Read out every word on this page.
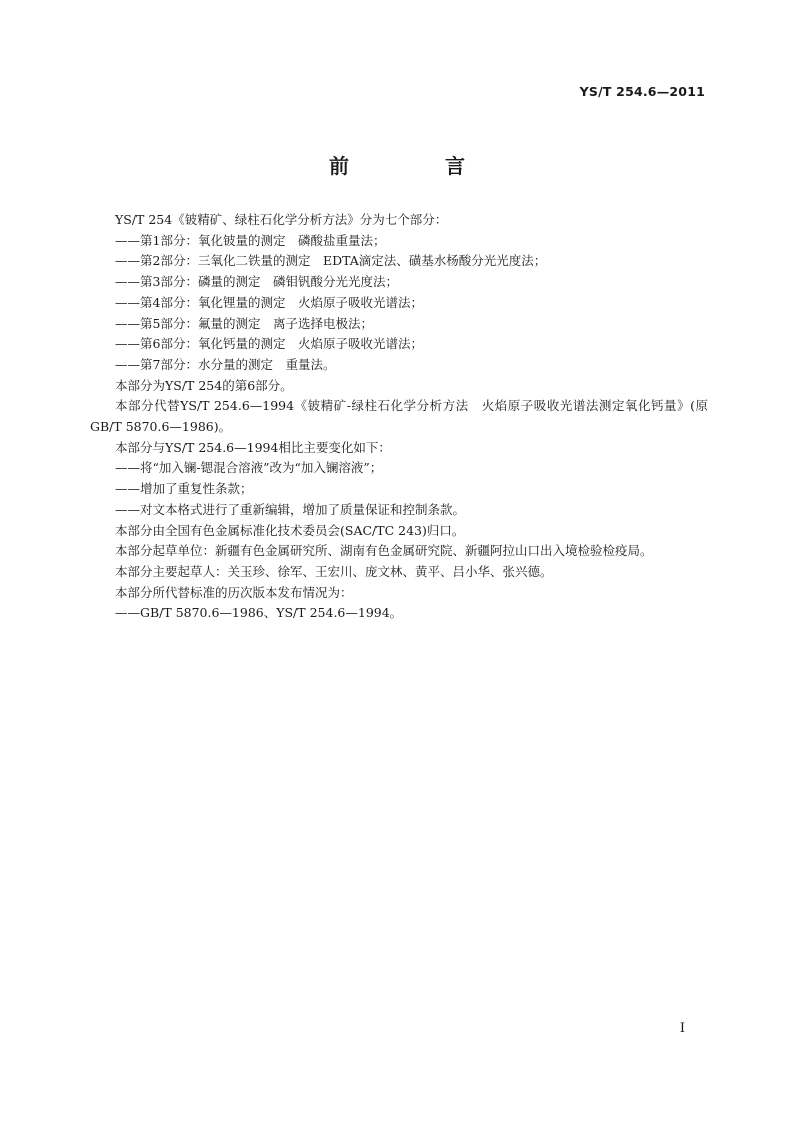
YS/T 254.6—2011
前　言

YS/T 254《铍精矿、绿柱石化学分析方法》分为七个部分：

——第1部分：氧化铍量的测定　磷酸盐重量法；

——第2部分：三氧化二铁量的测定　EDTA滴定法、磺基水杨酸分光光度法；

——第3部分：磷量的测定　磷钼钒酸分光光度法；

——第4部分：氧化锂量的测定　火焰原子吸收光谱法；

——第5部分：氟量的测定　离子选择电极法；

——第6部分：氧化钙量的测定　火焰原子吸收光谱法；

——第7部分：水分量的测定　重量法。

本部分为YS/T 254的第6部分。

本部分代替YS/T 254.6—1994《铍精矿-绿柱石化学分析方法　火焰原子吸收光谱法测定氧化钙量》(原GB/T 5870.6—1986)。

本部分与YS/T 254.6—1994相比主要变化如下：

——将“加入镧-锶混合溶液”改为“加入镧溶液”；

——增加了重复性条款；

——对文本格式进行了重新编辑，增加了质量保证和控制条款。

本部分由全国有色金属标准化技术委员会(SAC/TC 243)归口。

本部分起草单位：新疆有色金属研究所、湖南有色金属研究院、新疆阿拉山口出入境检验检疫局。

本部分主要起草人：关玉珍、徐军、王宏川、庞文林、黄平、吕小华、张兴德。

本部分所代替标准的历次版本发布情况为：

——GB/T 5870.6—1986、YS/T 254.6—1994。

I
